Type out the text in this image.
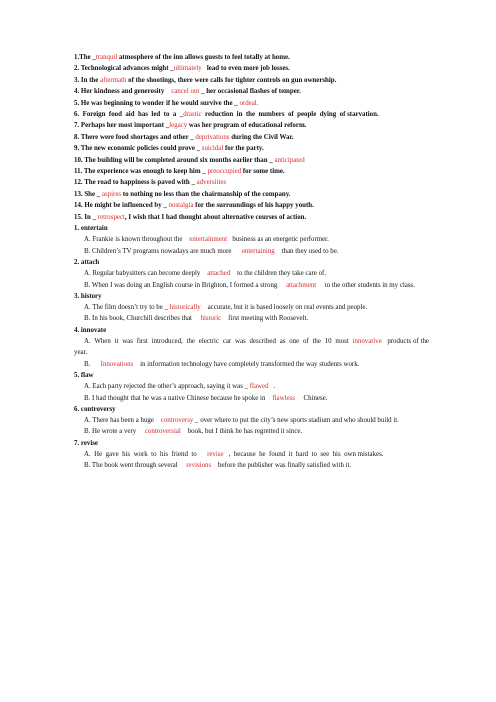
1.The _tranquil atmosphere of the inn allows guests to feel totally at home.

2. Technological advances might _ultimately   lead to even more job losses.

3. In the aftermath of the shootings, there were calls for tighter controls on gun ownership.

4. Her kindness and generosity    cancel out _ her occasional flashes of temper.

5. He was beginning to wonder if he would survive the _ ordeal.

6.  Foreign  food  aid  has  led  to  a  _drastic  reduction  in  the  numbers  of  people  dying  of starvation.

7. Perhaps her most important _legacy was her program of educational reform.

8. There were food shortages and other _ deprivations during the Civil War.

9. The new economic policies could prove _ suicidal for the party.

10. The building will be completed around six months earlier than _ anticipated

11. The experience was enough to keep him _ preoccupied for some time.

12. The road to happiness is paved with _ adversities

13. She _ aspires to nothing no less than the chairmanship of the company.

14. He might be influenced by _ nostalgia for the surroundings of his happy youth.

15. In _ retrospect, I wish that I had thought about alternative courses of action.

1. entertain

A. Frankie is known throughout the    entertainment   business as an energetic performer.

B. Children’s TV programs nowadays are much more      entertaining    than they used to be.

2. attach

A. Regular babysitters can become deeply    attached    to the children they take care of.

B. When I was doing an English course in Brighton, I formed a strong     attachment     to the other students in my class.

3. history

A. The film doesn’t try to be _ historically    accurate, but it is based loosely on real events and people.

B. In his book, Churchill describes that     historic    first meeting with Roosevelt.

4. innovate

A.  When  it  was  first  introduced,  the  electric  car  was  described  as  one  of  the  10  most  innovative   products of the year.

B.      Innovations    in information technology have completely transformed the way students work.

5. flaw

A. Each party rejected the other’s approach, saying it was _ flawed   .

B. I had thought that he was a native Chinese because he spoke in    flawless     Chinese.

6. controversy

A. There has been a huge    controversy _ over where to put the city’s new sports stadium and who should build it.

B. He wrote a very     controversial    book, but I think he has regretted it since.

7. revise

A.  He  gave  his  work  to  his  friend  to      revise   ,  because  he  found  it  hard  to  see  his  own mistakes.

B. The book went through several     revisions    before the publisher was finally satisfied with it.
